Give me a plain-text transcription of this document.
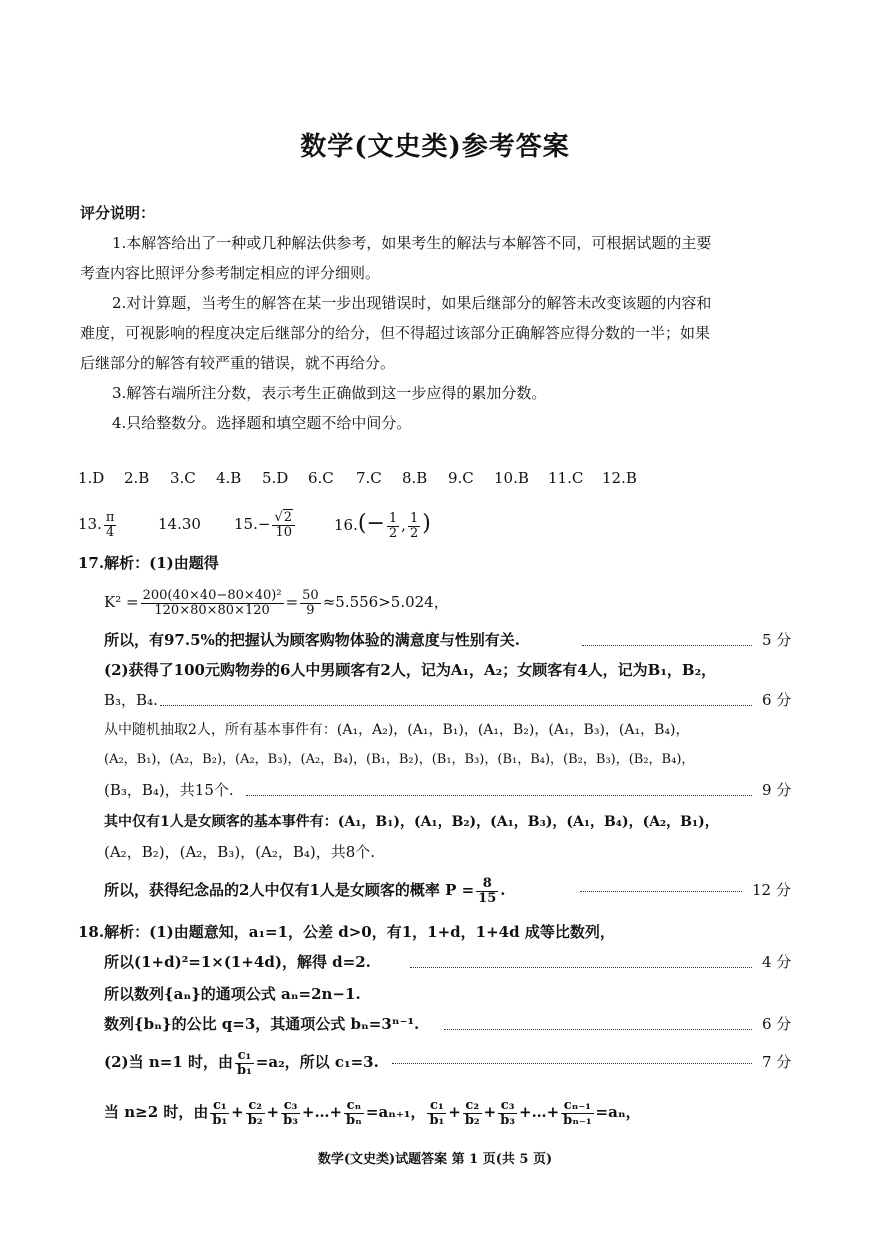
数学(文史类)参考答案
评分说明：
1.本解答给出了一种或几种解法供参考，如果考生的解法与本解答不同，可根据试题的主要
考查内容比照评分参考制定相应的评分细则。
2.对计算题，当考生的解答在某一步出现错误时，如果后继部分的解答未改变该题的内容和
难度，可视影响的程度决定后继部分的给分，但不得超过该部分正确解答应得分数的一半；如果
后继部分的解答有较严重的错误，就不再给分。
3.解答右端所注分数，表示考生正确做到这一步应得的累加分数。
4.只给整数分。选择题和填空题不给中间分。
1.D 2.B 3.C 4.B 5.D 6.C 7.C 8.B 9.C 10.B 11.C 12.B
13. $\frac{\pi}{4}$	14.30 $15.- \frac{√2}{10}$	$16.(- \frac{1}{2}$ , $\frac{1}{2}$ )
17.解析：(1)由题得
$K^2 = \frac{\text{200(40×40−80×40)²}}{120\times 80\times 80\times 120} = \frac{50}{9} \approx 5.556>5.024$，
所以，有97.5%的把握认为顾客购物体验的满意度与性别有关.	5 分
(2)获得了100元购物券的6人中男顾客有2人，记为A₁，A₂；女顾客有4人，记为B₁，B₂，
B₃，B₄.	6 分
从中随机抽取2人，所有基本事件有：(A₁，A₂)，(A₁，B₁)，(A₁，B₂)，(A₁，B₃)，(A₁，B₄)，
(A₂，B₁)，(A₂，B₂)，(A₂，B₃)，(A₂，B₄)，(B₁，B₂)，(B₁，B₃)，(B₁，B₄)，(B₂，B₃)，(B₂，B₄)，
(B₃，B₄)，共15个.	9 分
其中仅有1人是女顾客的基本事件有：(A₁，B₁)，(A₁，B₂)，(A₁，B₃)，(A₁，B₄)，(A₂，B₁)，
(A₂，B₂)，(A₂，B₃)，(A₂，B₄)，共8个.
所以，获得纪念品的2人中仅有1人是女顾客的概率 $P = \frac{8}{15}$ .	12 分
18.解析：(1)由题意知，a₁=1，公差 d>0，有1，1+d，1+4d 成等比数列，
所以(1+d)²=1×(1+4d)，解得 d=2.	4 分
所以数列{aₙ}的通项公式 aₙ=2n−1.
数列{bₙ}的公比 q=3，其通项公式 bₙ=3ⁿ⁻¹.	6 分
(2)当 n=1 时，由 $\frac{\text{c₁}}{\text{b₁}} =a_2$，所以 c₁=3.	7 分
当 n≥2 时，由 $\frac{\text{c₁}}{\text{b₁}} + \frac{\text{c₂}}{\text{b₂}} + \frac{\text{c₃}}{\text{b₃}}$ +…+ $\frac{\text{cₙ}}{\text{bₙ}} =a_{n+1}$， $\frac{\text{c₁}}{\text{b₁}} + \frac{\text{c₂}}{\text{b₂}} + \frac{\text{c₃}}{\text{b₃}}$ +…+ $\frac{\text{cₙ₋₁}}{\text{bₙ₋₁}} =a_n$，
数学(文史类)试题答案 第 1 页(共 5 页)
